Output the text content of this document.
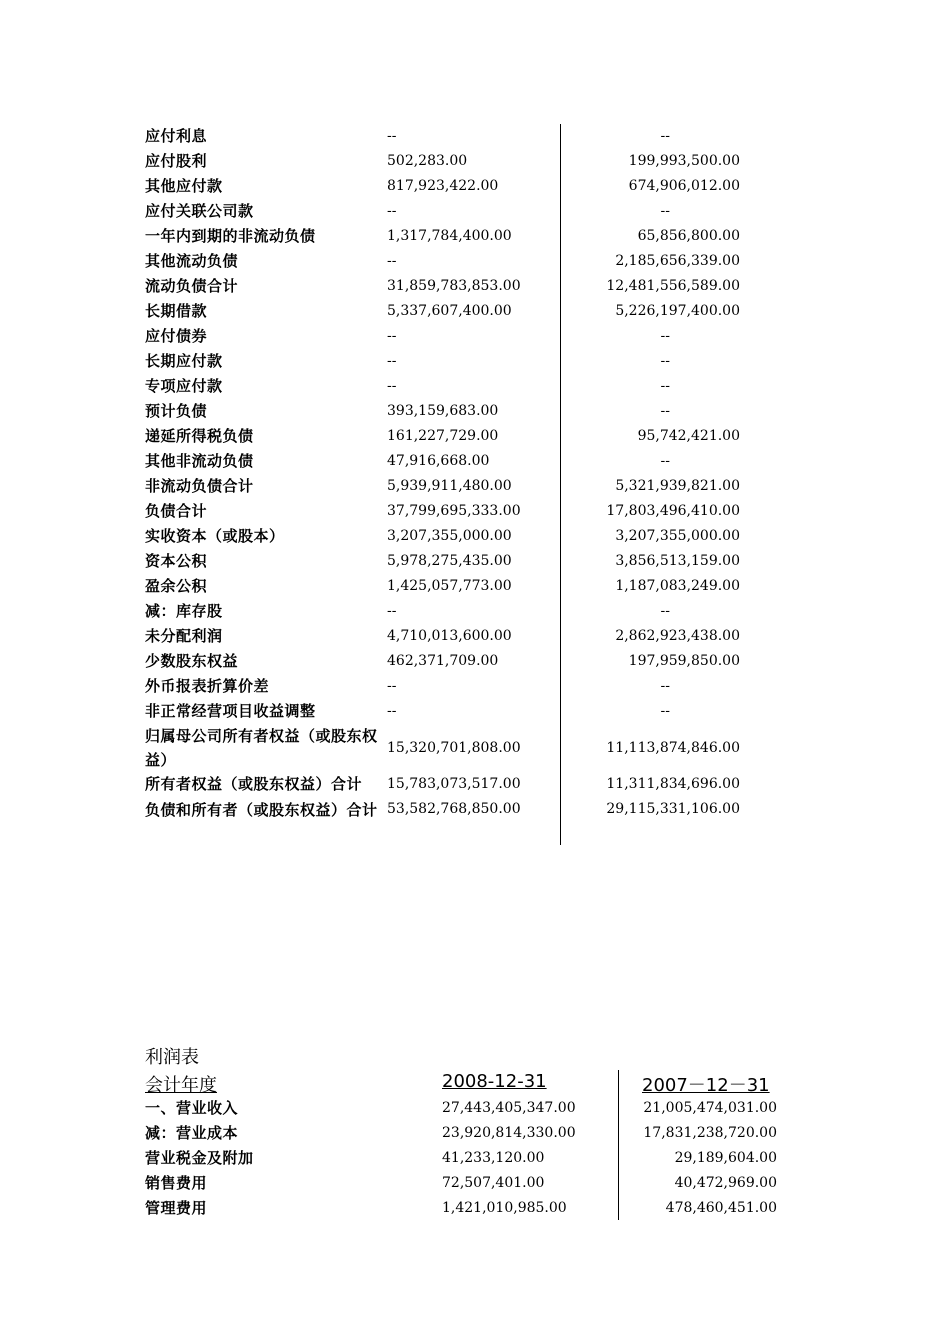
应付利息	--	--
应付股利	502,283.00	199,993,500.00
其他应付款	817,923,422.00	674,906,012.00
应付关联公司款	--	--
一年内到期的非流动负债	1,317,784,400.00	65,856,800.00
其他流动负债	--	2,185,656,339.00
流动负债合计	31,859,783,853.00	12,481,556,589.00
长期借款	5,337,607,400.00	5,226,197,400.00
应付债券	--	--
长期应付款	--	--
专项应付款	--	--
预计负债	393,159,683.00	--
递延所得税负债	161,227,729.00	95,742,421.00
其他非流动负债	47,916,668.00	--
非流动负债合计	5,939,911,480.00	5,321,939,821.00
负债合计	37,799,695,333.00	17,803,496,410.00
实收资本（或股本）	3,207,355,000.00	3,207,355,000.00
资本公积	5,978,275,435.00	3,856,513,159.00
盈余公积	1,425,057,773.00	1,187,083,249.00
减：库存股	--	--
未分配利润	4,710,013,600.00	2,862,923,438.00
少数股东权益	462,371,709.00	197,959,850.00
外币报表折算价差	--	--
非正常经营项目收益调整	--	--
归属母公司所有者权益（或股东权益）
15,320,701,808.00	11,113,874,846.00
所有者权益（或股东权益）合计	15,783,073,517.00	11,311,834,696.00
负债和所有者（或股东权益）合计 53,582,768,850.00	29,115,331,106.00
利润表
会计年度	2008-12-31	2007－12－31
一、营业收入	27,443,405,347.00	21,005,474,031.00
减：营业成本	23,920,814,330.00	17,831,238,720.00
营业税金及附加	41,233,120.00	29,189,604.00
销售费用	72,507,401.00	40,472,969.00
管理费用	1,421,010,985.00	478,460,451.00
